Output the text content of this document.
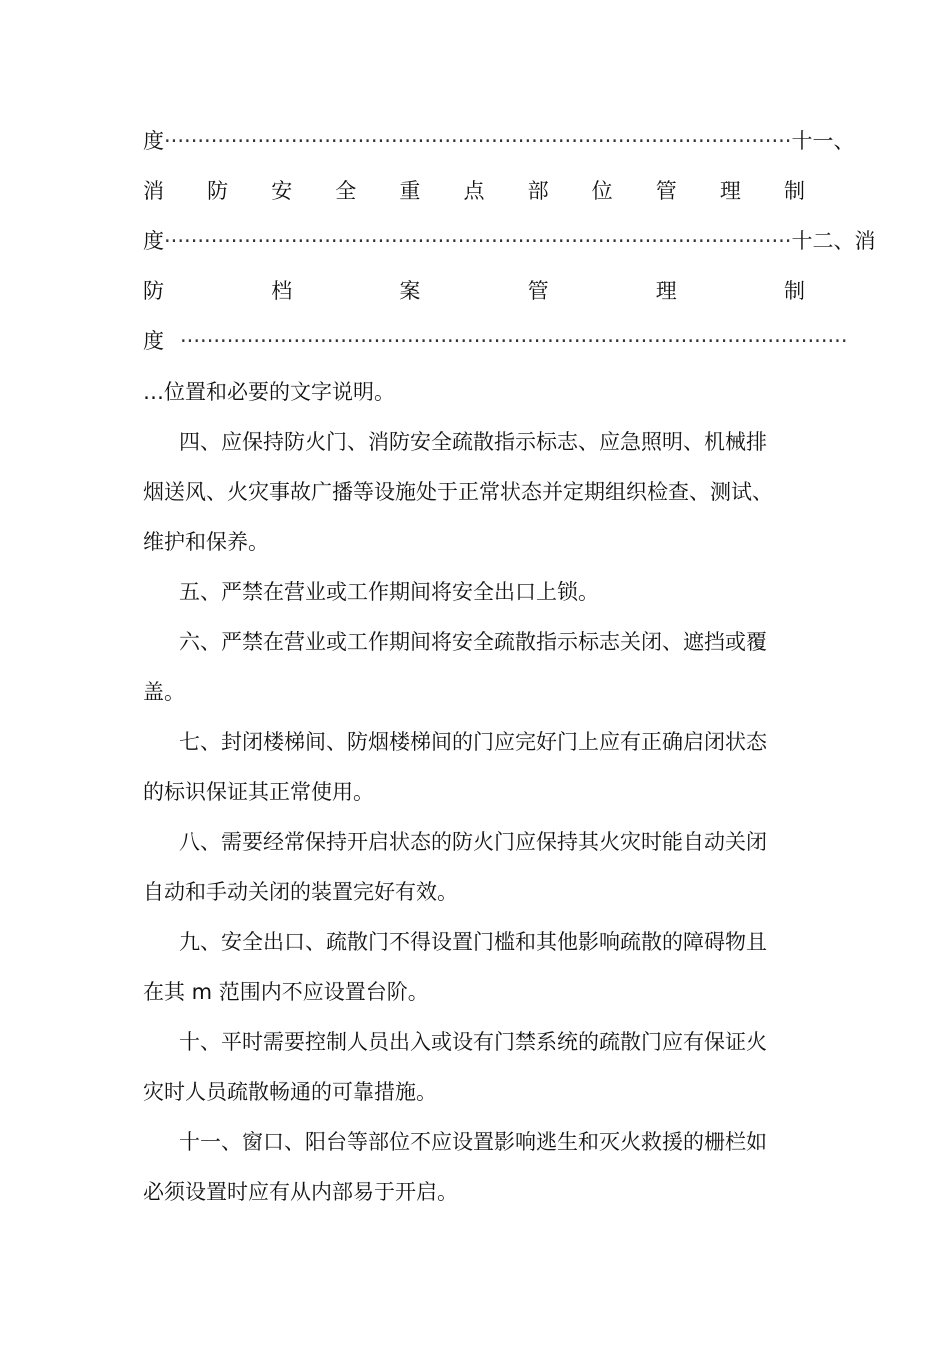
度 ······························································································ 十一、
消 防 安 全 重 点 部 位 管 理 制
度 ······························································································ 十二、消
防	档	案	管	理	制
度 ····································································································
…位置和必要的文字说明。
四、应保持防火门、消防安全疏散指示标志、应急照明、机械排
烟送风、火灾事故广播等设施处于正常状态并定期组织检查、测试、
维护和保养。
五、严禁在营业或工作期间将安全出口上锁。
六、严禁在营业或工作期间将安全疏散指示标志关闭、遮挡或覆
盖。
七、封闭楼梯间、防烟楼梯间的门应完好门上应有正确启闭状态
的标识保证其正常使用。
八、需要经常保持开启状态的防火门应保持其火灾时能自动关闭
自动和手动关闭的装置完好有效。
九、安全出口、疏散门不得设置门槛和其他影响疏散的障碍物且
在其 m 范围内不应设置台阶。
十、平时需要控制人员出入或设有门禁系统的疏散门应有保证火
灾时人员疏散畅通的可靠措施。
十一、窗口、阳台等部位不应设置影响逃生和灭火救援的栅栏如
必须设置时应有从内部易于开启。
